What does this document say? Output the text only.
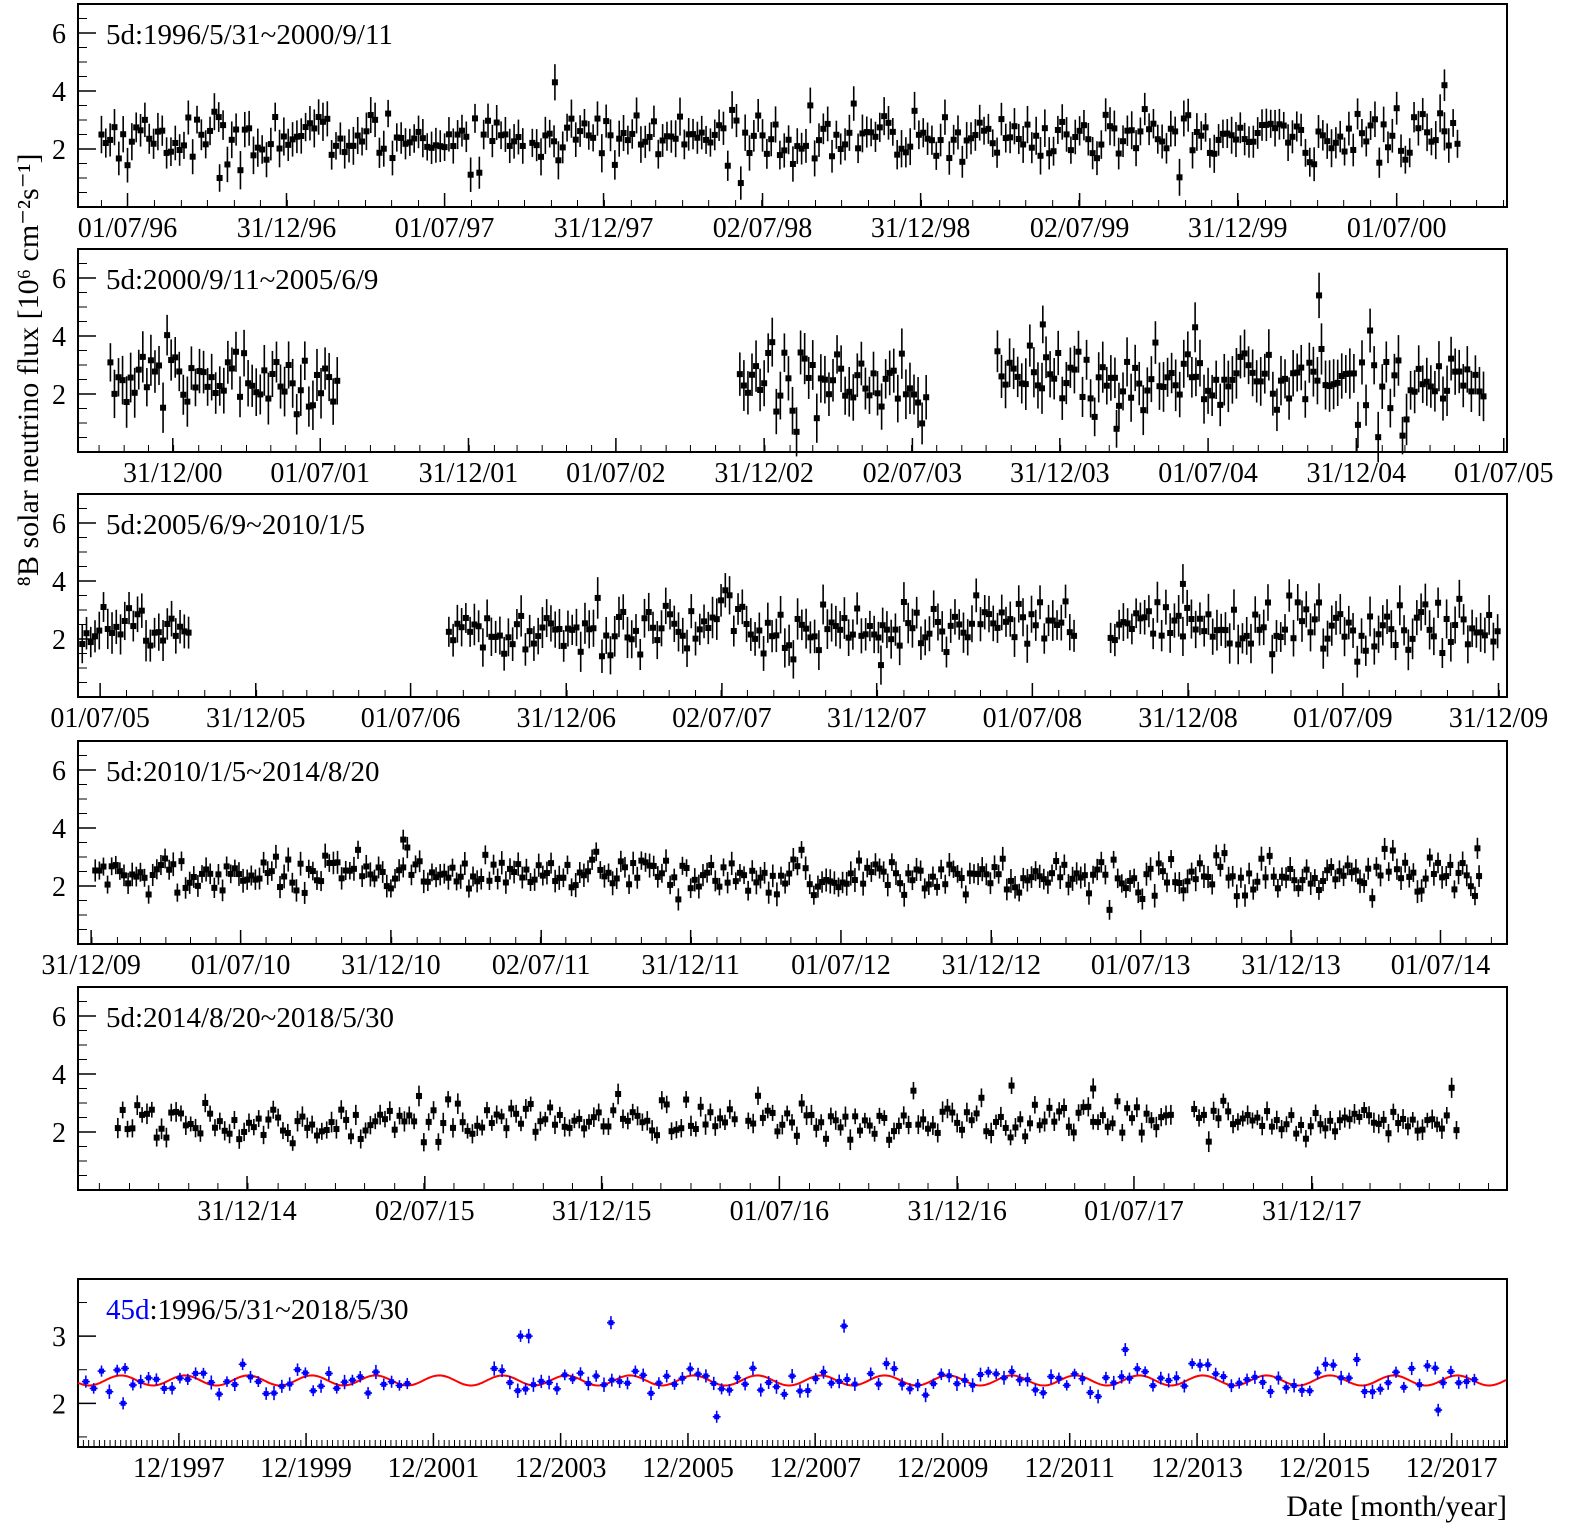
⁸B solar neutrino flux [10⁶ cm⁻²s⁻¹]
Date [month/year]
2
4
6
01/07/96 31/12/96 01/07/97 31/12/97 02/07/98 31/12/98 02/07/99 31/12/99 01/07/00
5d:1996/5/31~2000/9/11
2
4
6
31/12/00 01/07/01 31/12/01 01/07/02 31/12/02 02/07/03 31/12/03 01/07/04 31/12/04 01/07/05
5d:2000/9/11~2005/6/9
2
4
6
01/07/05 31/12/05 01/07/06 31/12/06 02/07/07 31/12/07 01/07/08 31/12/08 01/07/09 31/12/09
5d:2005/6/9~2010/1/5
2
4
6
31/12/09 01/07/10 31/12/10 02/07/11 31/12/11 01/07/12 31/12/12 01/07/13 31/12/13 01/07/14
5d:2010/1/5~2014/8/20
2
4
6
31/12/14	02/07/15	31/12/15	01/07/16	31/12/16	01/07/17	31/12/17
5d:2014/8/20~2018/5/30
2
3
12/1997 12/1999 12/2001 12/2003 12/2005 12/2007 12/2009 12/2011 12/2013 12/2015 12/2017
45d:1996/5/31~2018/5/30
